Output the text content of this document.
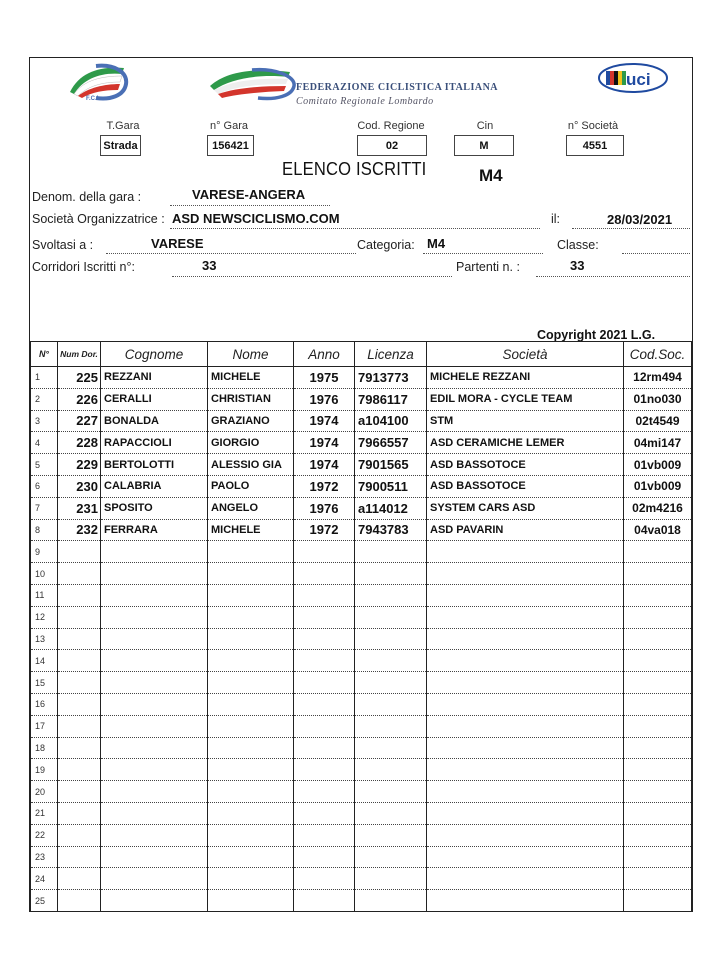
F.C.I.
FEDERAZIONE CICLISTICA ITALIANA
Comitato Regionale Lombardo
uci
T.Gara
Strada
n° Gara
156421
Cod. Regione
02
Cin
M
n° Società
4551
ELENCO ISCRITTI	M4
Denom. della gara :	VARESE-ANGERA
Società Organizzatrice : ASD NEWSCICLISMO.COM	il:	28/03/2021
Svoltasi a :	VARESE	Categoria: M4	Classe:
Corridori Iscritti n°:	33	Partenti n. :	33
Copyright 2021 L.G.
N°	Num Dor.	Cognome	Nome	Anno	Licenza	Società	Cod.Soc.
1	225	REZZANI	MICHELE	1975	7913773	MICHELE REZZANI	12rm494
2	226	CERALLI	CHRISTIAN	1976	7986117	EDIL MORA - CYCLE TEAM	01no030
3	227	BONALDA	GRAZIANO	1974	a104100	STM	02t4549
4	228	RAPACCIOLI	GIORGIO	1974	7966557	ASD CERAMICHE LEMER	04mi147
5	229	BERTOLOTTI	ALESSIO GIA	1974	7901565	ASD BASSOTOCE	01vb009
6	230	CALABRIA	PAOLO	1972	7900511	ASD BASSOTOCE	01vb009
7	231	SPOSITO	ANGELO	1976	a114012	SYSTEM CARS ASD	02m4216
8	232	FERRARA	MICHELE	1972	7943783	ASD PAVARIN	04va018
9							
10							
11							
12							
13							
14							
15							
16							
17							
18							
19							
20							
21							
22							
23							
24							
25							
